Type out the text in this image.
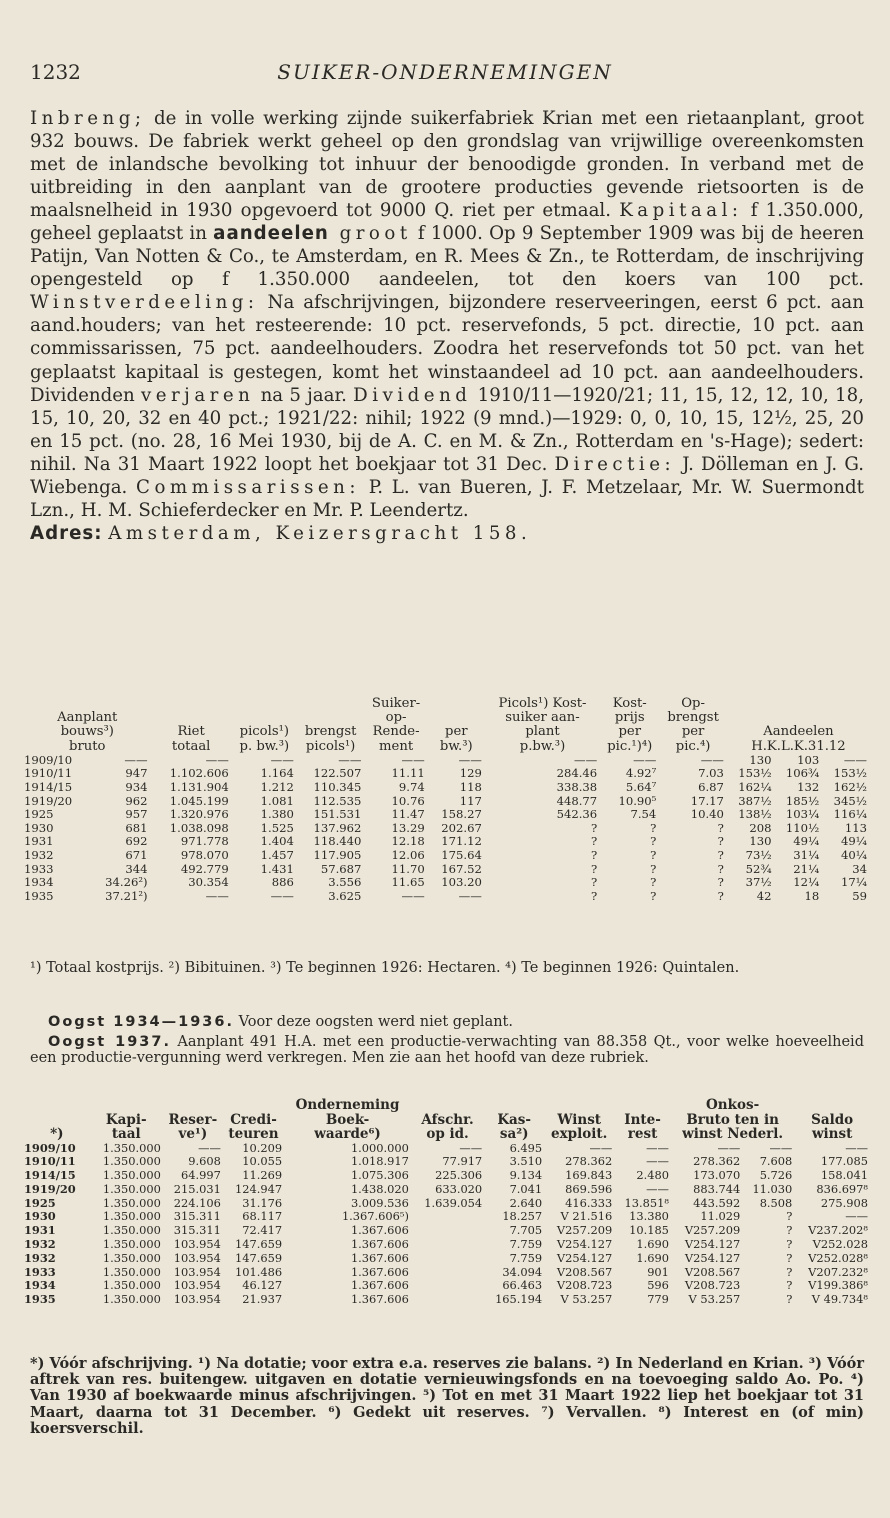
1232	SUIKER-ONDERNEMINGEN

Inbreng; de in volle werking zijnde suikerfabriek Krian met een rietaanplant, groot 932 bouws. De fabriek werkt geheel op den grondslag van vrijwillige overeenkomsten met de inlandsche bevolking tot inhuur der benoodigde gronden. In verband met de uitbreiding in den aanplant van de grootere producties gevende rietsoorten is de maalsnelheid in 1930 opgevoerd tot 9000 Q. riet per etmaal. Kapitaal: f 1.350.000, geheel geplaatst in aandeelen groot f 1000. Op 9 September 1909 was bij de heeren Patijn, Van Notten & Co., te Amsterdam, en R. Mees & Zn., te Rotterdam, de inschrijving opengesteld op f 1.350.000 aandeelen, tot den koers van 100 pct. Winstverdeeling: Na afschrijvingen, bijzondere reserveeringen, eerst 6 pct. aan aand.houders; van het resteerende: 10 pct. reservefonds, 5 pct. directie, 10 pct. aan commissarissen, 75 pct. aandeelhouders. Zoodra het reservefonds tot 50 pct. van het geplaatst kapitaal is gestegen, komt het winstaandeel ad 10 pct. aan aandeelhouders. Dividenden verjaren na 5 jaar. Dividend 1910/11—1920/21; 11, 15, 12, 12, 10, 18, 15, 10, 20, 32 en 40 pct.; 1921/22: nihil; 1922 (9 mnd.)—1929: 0, 0, 10, 15, 12½, 25, 20 en 15 pct. (no. 28, 16 Mei 1930, bij de A. C. en M. & Zn., Rotterdam en 's-Hage); sedert: nihil. Na 31 Maart 1922 loopt het boekjaar tot 31 Dec. Directie: J. Dölleman en J. G. Wiebenga. Commissarissen: P. L. van Bueren, J. F. Metzelaar, Mr. W. Suermondt Lzn., H. M. Schieferdecker en Mr. P. Leendertz.

Adres: Amsterdam, Keizersgracht 158.

					Suiker-		Picols¹) Kost-	Kost-	Op-			
Aanplant					op-		suiker aan-	prijs	brengst			
bouws³)		Riet	picols¹)	brengst	Rende-	per	plant	per	per	Aandeelen		
bruto		totaal	p. bw.³)	picols¹)	ment	bw.³)	p.bw.³)	pic.¹)⁴)	pic.⁴)	H.K.L.K.31.12		
1909/10	——	——	——	——	——	——	——	——	——	130	103	——
1910/11	947	1.102.606	1.164	122.507	11.11	129	284.46	4.92⁷	7.03	153½	106¾	153½
1914/15	934	1.131.904	1.212	110.345	9.74	118	338.38	5.64⁷	6.87	162¼	132	162½
1919/20	962	1.045.199	1.081	112.535	10.76	117	448.77	10.90⁵	17.17	387½	185½	345½
1925	957	1.320.976	1.380	151.531	11.47	158.27	542.36	7.54	10.40	138½	103¼	116¼
1930	681	1.038.098	1.525	137.962	13.29	202.67	?	?	?	208	110½	113
1931	692	971.778	1.404	118.440	12.18	171.12	?	?	?	130	49¼	49¼
1932	671	978.070	1.457	117.905	12.06	175.64	?	?	?	73½	31¼	40¼
1933	344	492.779	1.431	57.687	11.70	167.52	?	?	?	52¾	21¼	34
1934	34.26²)	30.354	886	3.556	11.65	103.20	?	?	?	37½	12¼	17¼
1935	37.21²)	——	——	3.625	——	——	?	?	?	42	18	59
¹) Totaal kostprijs. ²) Bibituinen. ³) Te beginnen 1926: Hectaren. ⁴) Te beginnen 1926: Quintalen.
Oogst 1934—1936. Voor deze oogsten werd niet geplant.
Oogst 1937. Aanplant 491 H.A. met een productie-verwachting van 88.358 Qt., voor welke hoeveelheid een productie-vergunning werd verkregen. Men zie aan het hoofd van deze rubriek.
				Onderneming					Onkos-		
	Kapi-	Reser-	Credi-	Boek-	Afschr.	Kas-	Winst	Inte-	Bruto ten in		Saldo
*)	taal	ve¹)	teuren	waarde⁶)	op id.	sa²)	exploit.	rest	winst Nederl.		winst
1909/10	1.350.000	——	10.209	1.000.000	——	6.495	——	——	——	——	——
1910/11	1.350.000	9.608	10.055	1.018.917	77.917	3.510	278.362	——	278.362	7.608	177.085
1914/15	1.350.000	64.997	11.269	1.075.306	225.306	9.134	169.843	2.480	173.070	5.726	158.041
1919/20	1.350.000	215.031	124.947	1.438.020	633.020	7.041	869.596	——	883.744	11.030	836.697⁸
1925	1.350.000	224.106	31.176	3.009.536	1.639.054	2.640	416.333	13.851⁸	443.592	8.508	275.908
1930	1.350.000	315.311	68.117	1.367.606⁵)		18.257	V 21.516	13.380	11.029	?	——
1931	1.350.000	315.311	72.417	1.367.606		7.705	V257.209	10.185	V257.209	?	V237.202⁸
1932	1.350.000	103.954	147.659	1.367.606		7.759	V254.127	1.690	V254.127	?	V252.028
1932	1.350.000	103.954	147.659	1.367.606		7.759	V254.127	1.690	V254.127	?	V252.028⁸
1933	1.350.000	103.954	101.486	1.367.606		34.094	V208.567	901	V208.567	?	V207.232⁸
1934	1.350.000	103.954	46.127	1.367.606		66.463	V208.723	596	V208.723	?	V199.386⁸
1935	1.350.000	103.954	21.937	1.367.606		165.194	V 53.257	779	V 53.257	?	V 49.734⁸
*) Vóór afschrijving. ¹) Na dotatie; voor extra e.a. reserves zie balans. ²) In Nederland en Krian. ³) Vóór aftrek van res. buitengew. uitgaven en dotatie vernieuwingsfonds en na toevoeging saldo Ao. Po. ⁴) Van 1930 af boekwaarde minus afschrijvingen. ⁵) Tot en met 31 Maart 1922 liep het boekjaar tot 31 Maart, daarna tot 31 December. ⁶) Gedekt uit reserves. ⁷) Vervallen. ⁸) Interest en (of min) koersverschil.
